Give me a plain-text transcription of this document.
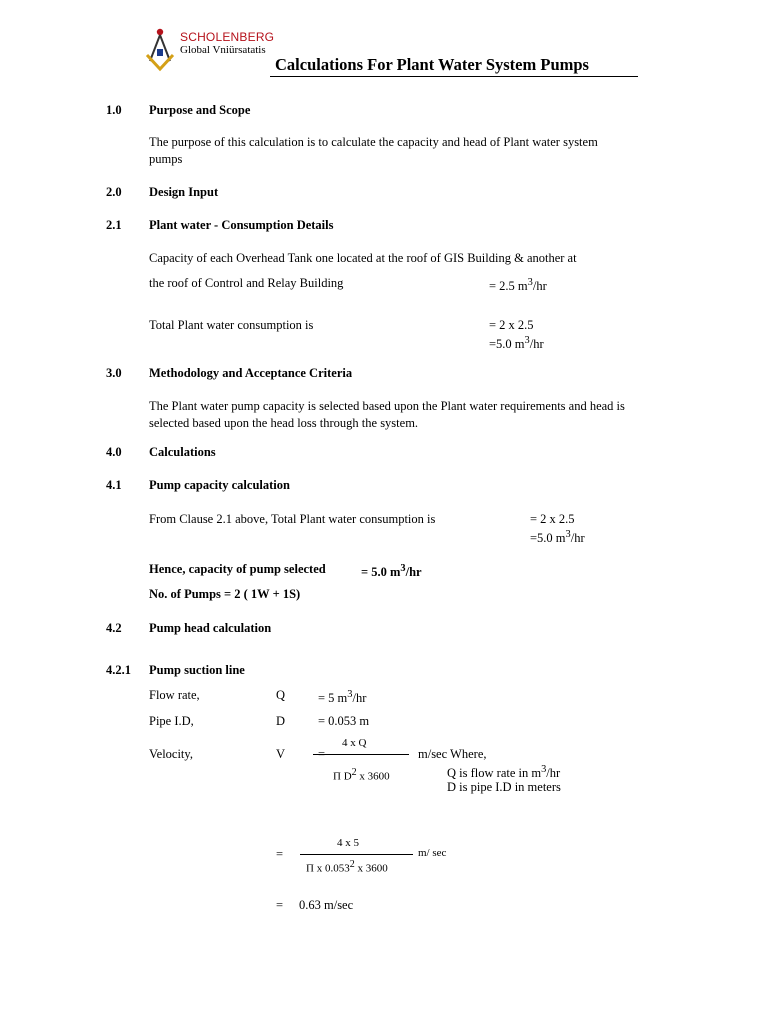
SCHOLENBERG
Global Vniürsatatis
Calculations For Plant Water System Pumps
1.0 Purpose and Scope
The purpose of this calculation is to calculate the capacity and head of Plant water system pumps
2.0 Design Input
2.1 Plant water - Consumption Details
Capacity of each Overhead Tank one located at the roof of GIS Building & another at
the roof of Control and Relay Building	= 2.5 $m^3/hr$
Total Plant water consumption is	= 2 x 2.5
=5.0 $m^3/hr$
3.0 Methodology and Acceptance Criteria
The Plant water pump capacity is selected based upon the Plant water requirements and head is selected based upon the head loss through the system.
4.0 Calculations
4.1 Pump capacity calculation
From Clause 2.1 above, Total Plant water consumption is	= 2 x 2.5
=5.0 $m^3/hr$
Hence, capacity of pump selected	= 5.0 $m^3/hr$
No. of Pumps = 2 ( 1W + 1S)
4.2 Pump head calculation
4.2.1 Pump suction line
Flow rate,	Q	= 5 $m^3/hr$
Pipe I.D,	D	= 0.053 m
Velocity,	V
4 x Q
Π $D^2$ x 3600
m/sec Where,
Q is flow rate in $m^3/hr$
D is pipe I.D in meters
=
4 x 5
Π x 0.053$^2$ x 3600
m/ sec
= 0.63 m/sec
